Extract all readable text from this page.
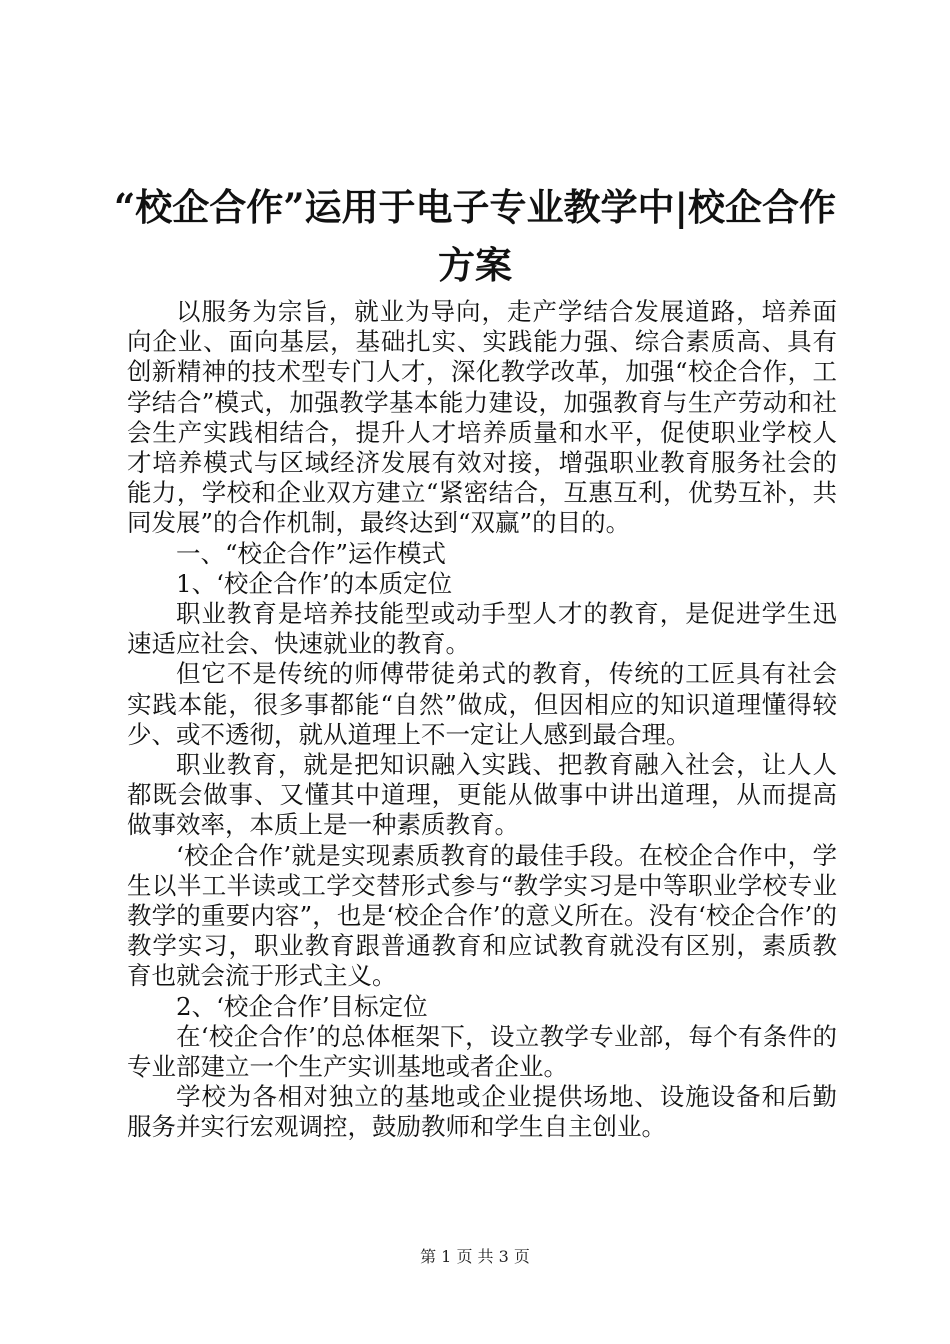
“校企合作”运用于电子专业教学中|校企合作方案

以服务为宗旨，就业为导向，走产学结合发展道路，培养面向企业、面向基层，基础扎实、实践能力强、综合素质高、具有创新精神的技术型专门人才，深化教学改革，加强“校企合作，工学结合”模式，加强教学基本能力建设，加强教育与生产劳动和社会生产实践相结合，提升人才培养质量和水平，促使职业学校人才培养模式与区域经济发展有效对接，增强职业教育服务社会的能力，学校和企业双方建立“紧密结合，互惠互利，优势互补，共同发展”的合作机制，最终达到“双赢”的目的。

一、“校企合作”运作模式

1、‘校企合作’的本质定位

职业教育是培养技能型或动手型人才的教育，是促进学生迅速适应社会、快速就业的教育。

但它不是传统的师傅带徒弟式的教育，传统的工匠具有社会实践本能，很多事都能“自然”做成，但因相应的知识道理懂得较少、或不透彻，就从道理上不一定让人感到最合理。

职业教育，就是把知识融入实践、把教育融入社会，让人人都既会做事、又懂其中道理，更能从做事中讲出道理，从而提高做事效率，本质上是一种素质教育。

‘校企合作’就是实现素质教育的最佳手段。在校企合作中，学生以半工半读或工学交替形式参与“教学实习是中等职业学校专业教学的重要内容”，也是‘校企合作’的意义所在。没有‘校企合作’的教学实习，职业教育跟普通教育和应试教育就没有区别，素质教育也就会流于形式主义。

2、‘校企合作’目标定位

在‘校企合作’的总体框架下，设立教学专业部，每个有条件的专业部建立一个生产实训基地或者企业。

学校为各相对独立的基地或企业提供场地、设施设备和后勤服务并实行宏观调控，鼓励教师和学生自主创业。

第 1 页 共 3 页
